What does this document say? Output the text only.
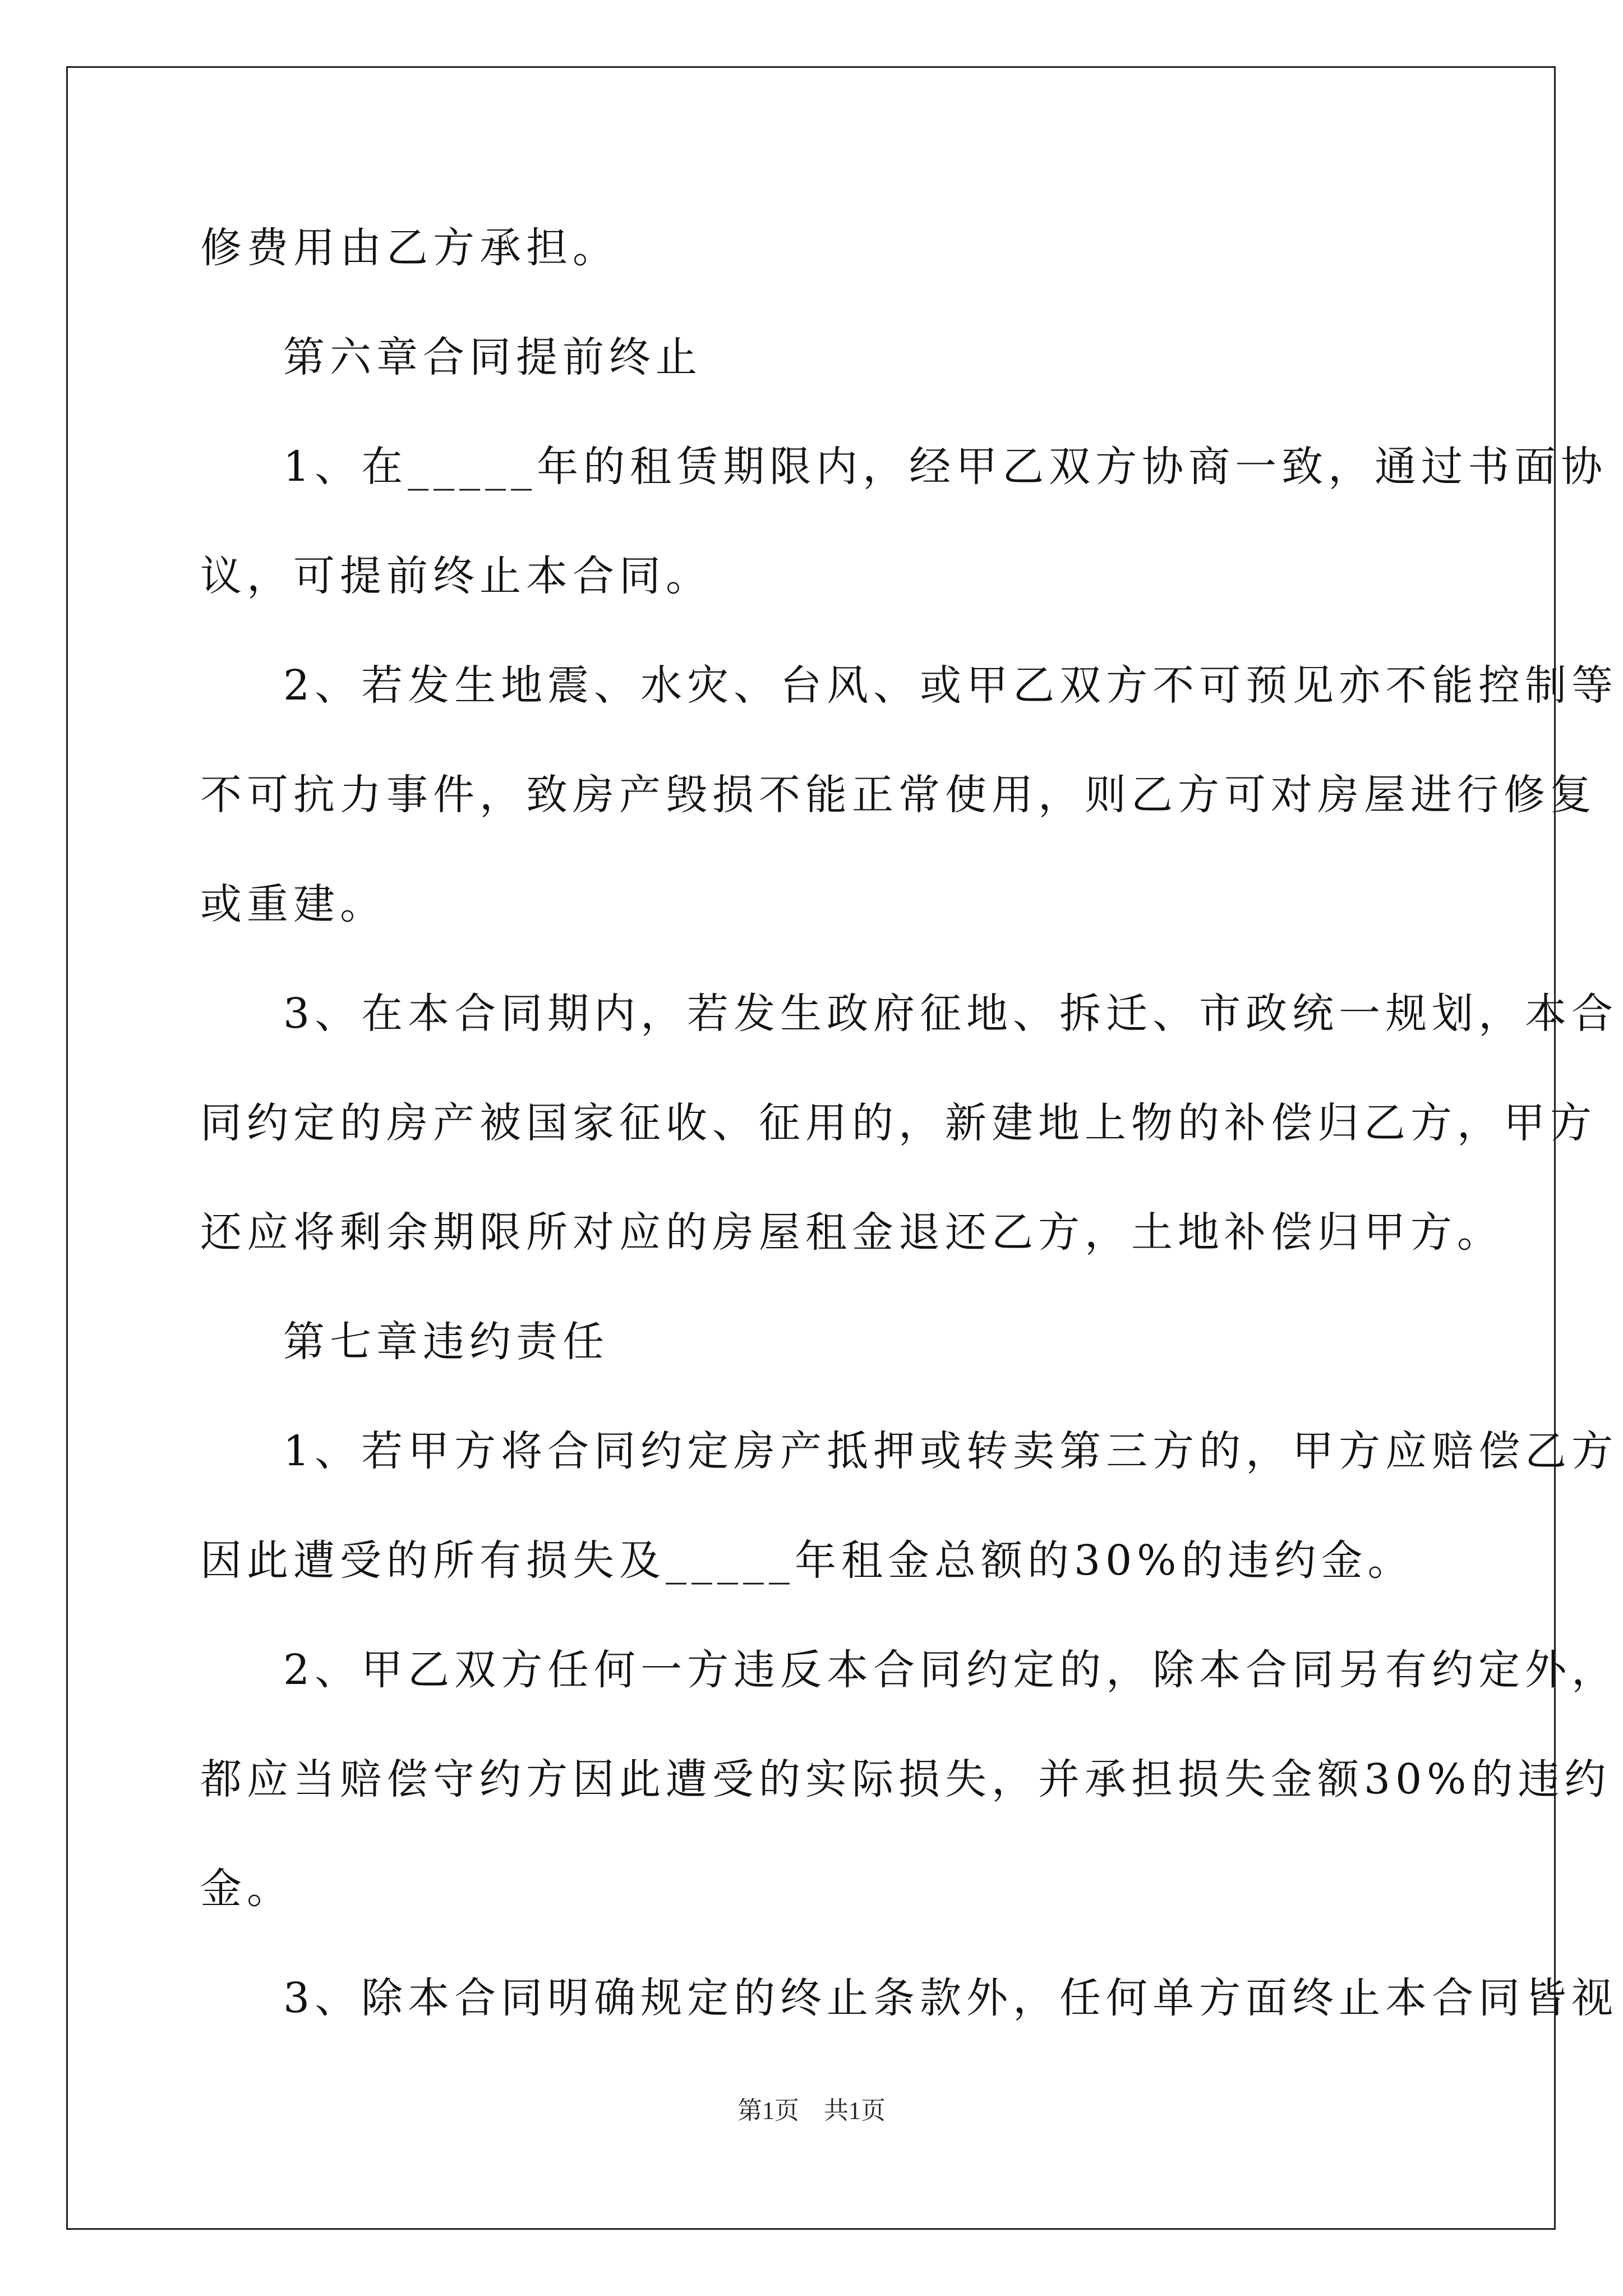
修费用由乙方承担。
第六章合同提前终止
1、在_____年的租赁期限内，经甲乙双方协商一致，通过书面协
议，可提前终止本合同。
2、若发生地震、水灾、台风、或甲乙双方不可预见亦不能控制等
不可抗力事件，致房产毁损不能正常使用，则乙方可对房屋进行修复
或重建。
3、在本合同期内，若发生政府征地、拆迁、市政统一规划，本合
同约定的房产被国家征收、征用的，新建地上物的补偿归乙方，甲方
还应将剩余期限所对应的房屋租金退还乙方，土地补偿归甲方。
第七章违约责任
1、若甲方将合同约定房产抵押或转卖第三方的，甲方应赔偿乙方
因此遭受的所有损失及_____年租金总额的30%的违约金。
2、甲乙双方任何一方违反本合同约定的，除本合同另有约定外，
都应当赔偿守约方因此遭受的实际损失，并承担损失金额30%的违约
金。
3、除本合同明确规定的终止条款外，任何单方面终止本合同皆视
第1页　共1页
